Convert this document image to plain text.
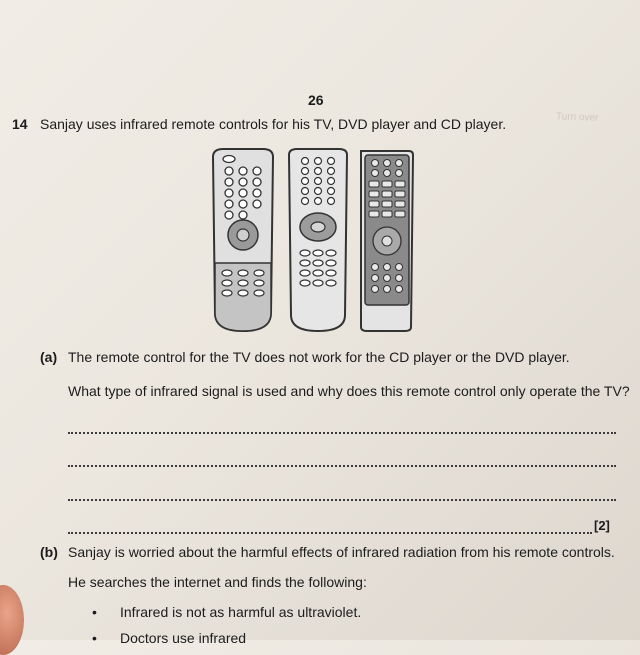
Turn over
26
14 Sanjay uses infrared remote controls for his TV, DVD player and CD player.
(a) The remote control for the TV does not work for the CD player or the DVD player.
What type of infrared signal is used and why does this remote control only operate the TV?
[2]
(b) Sanjay is worried about the harmful effects of infrared radiation from his remote controls.
He searches the internet and finds the following:
• Infrared is not as harmful as ultraviolet.
• Doctors use infrared
